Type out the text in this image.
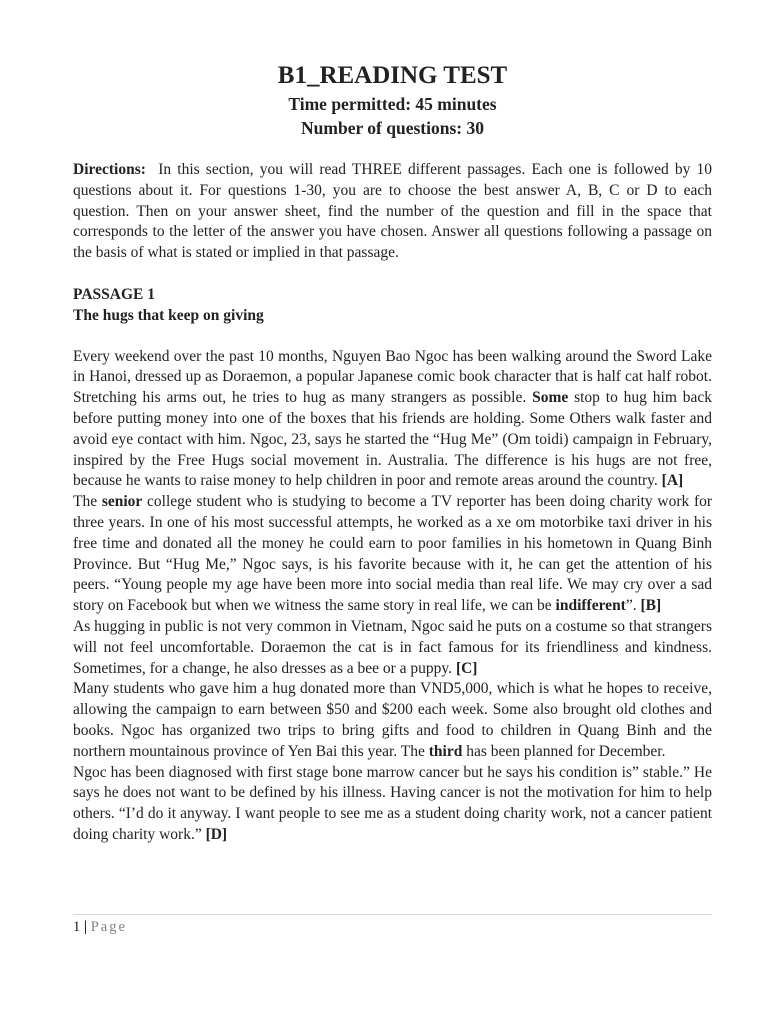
B1_READING TEST
Time permitted: 45 minutes
Number of questions: 30

Directions: In this section, you will read THREE different passages. Each one is followed by 10 questions about it. For questions 1-30, you are to choose the best answer A, B, C or D to each question. Then on your answer sheet, find the number of the question and fill in the space that corresponds to the letter of the answer you have chosen. Answer all questions following a passage on the basis of what is stated or implied in that passage.

PASSAGE 1

The hugs that keep on giving

Every weekend over the past 10 months, Nguyen Bao Ngoc has been walking around the Sword Lake in Hanoi, dressed up as Doraemon, a popular Japanese comic book character that is half cat half robot. Stretching his arms out, he tries to hug as many strangers as possible. Some stop to hug him back before putting money into one of the boxes that his friends are holding. Some Others walk faster and avoid eye contact with him. Ngoc, 23, says he started the “Hug Me” (Om toidi) campaign in February, inspired by the Free Hugs social movement in. Australia. The difference is his hugs are not free, because he wants to raise money to help children in poor and remote areas around the country. [A]

The senior college student who is studying to become a TV reporter has been doing charity work for three years. In one of his most successful attempts, he worked as a xe om motorbike taxi driver in his free time and donated all the money he could earn to poor families in his hometown in Quang Binh Province. But “Hug Me,” Ngoc says, is his favorite because with it, he can get the attention of his peers. “Young people my age have been more into social media than real life. We may cry over a sad story on Facebook but when we witness the same story in real life, we can be indifferent”. [B]

As hugging in public is not very common in Vietnam, Ngoc said he puts on a costume so that strangers will not feel uncomfortable. Doraemon the cat is in fact famous for its friendliness and kindness. Sometimes, for a change, he also dresses as a bee or a puppy. [C]

Many students who gave him a hug donated more than VND5,000, which is what he hopes to receive, allowing the campaign to earn between $50 and $200 each week. Some also brought old clothes and books. Ngoc has organized two trips to bring gifts and food to children in Quang Binh and the northern mountainous province of Yen Bai this year. The third has been planned for December.

Ngoc has been diagnosed with first stage bone marrow cancer but he says his condition is” stable.” He says he does not want to be defined by his illness. Having cancer is not the motivation for him to help others. “I’d do it anyway. I want people to see me as a student doing charity work, not a cancer patient doing charity work.” [D]

1 | Page
